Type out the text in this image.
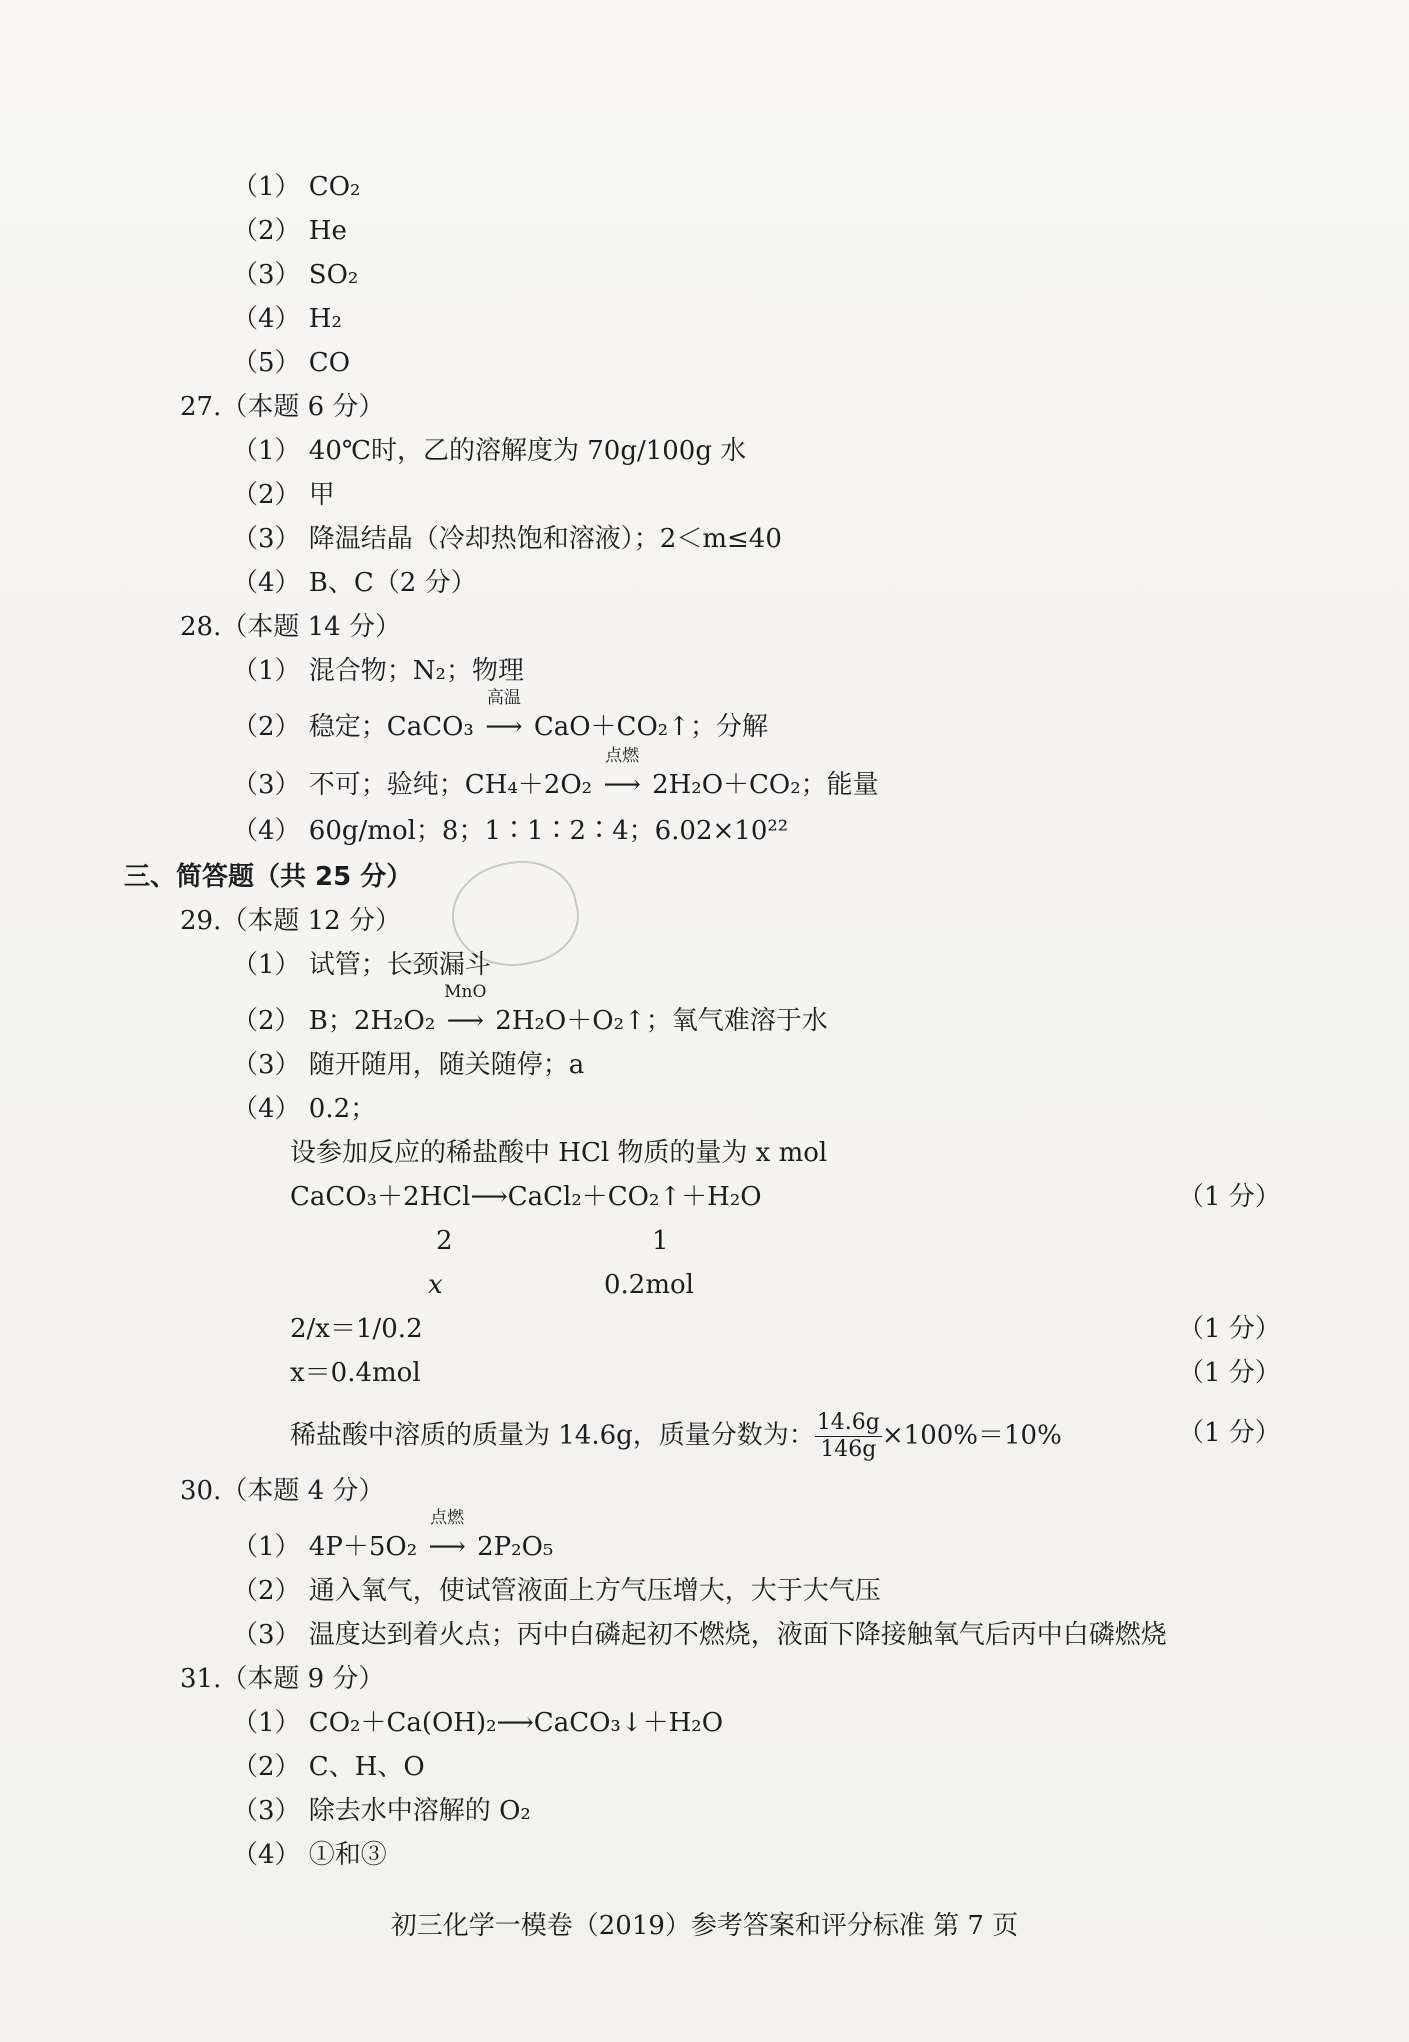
（1） CO₂
（2） He
（3） SO₂
（4） H₂
（5） CO
27.（本题 6 分）
（1） 40℃时，乙的溶解度为 70g/100g 水
（2） 甲
（3） 降温结晶（冷却热饱和溶液）；2＜m≤40
（4） B、C（2 分）
28.（本题 14 分）
（1） 混合物；N₂；物理
（2） 稳定；CaCO₃
高温
⟶ CaO＋CO₂↑；分解
（3） 不可；验纯；CH₄＋2O₂
点燃
⟶ 2H₂O＋CO₂；能量
（4） 60g/mol；8；1∶1∶2∶4；6.02×10²²
三、简答题（共 25 分）
29.（本题 12 分）
（1） 试管；长颈漏斗
（2） B；2H₂O₂
MnO
⟶ 2H₂O＋O₂↑；氧气难溶于水
（3） 随开随用，随关随停；a
（4） 0.2；
设参加反应的稀盐酸中 HCl 物质的量为 x mol
CaCO₃＋2HCl⟶CaCl₂＋CO₂↑＋H₂O	（1 分）
2	1
x	0.2mol
2/x＝1/0.2	（1 分）
x＝0.4mol	（1 分）
稀盐酸中溶质的质量为 14.6g，质量分数为： $\frac{14.6g}{146g} \times 100\%=10\%$	（1 分）
30.（本题 4 分）
（1） 4P＋5O₂
点燃
⟶ 2P₂O₅
（2） 通入氧气，使试管液面上方气压增大，大于大气压
（3） 温度达到着火点；丙中白磷起初不燃烧，液面下降接触氧气后丙中白磷燃烧
31.（本题 9 分）
（1） CO₂＋Ca(OH)₂⟶CaCO₃↓＋H₂O
（2） C、H、O
（3） 除去水中溶解的 O₂
（4） ①和③
初三化学一模卷（2019）参考答案和评分标准 第 7 页
